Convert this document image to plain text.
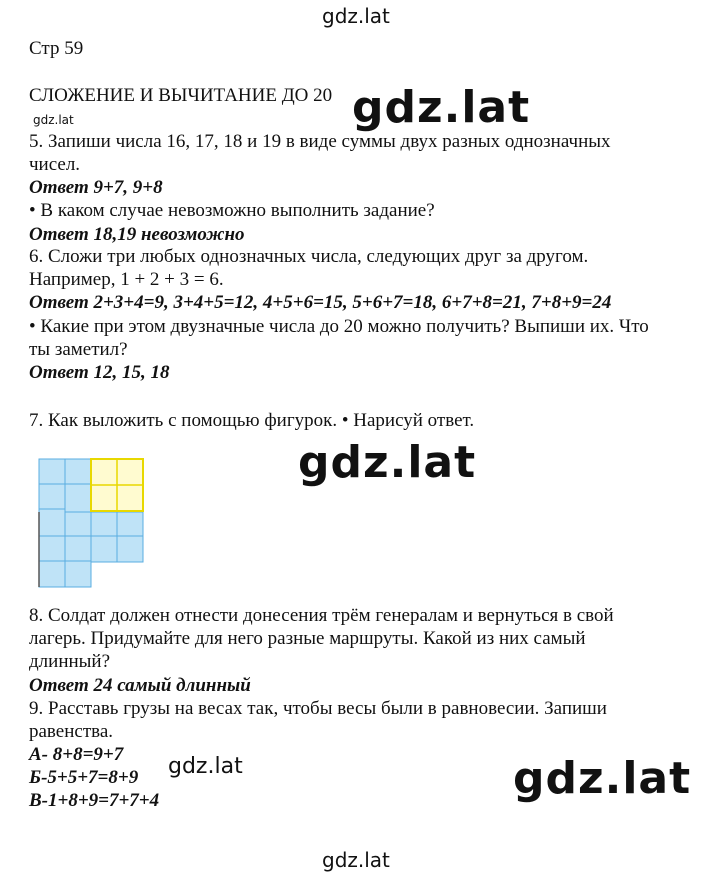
gdz.lat
gdz.lat	gdz.lat
gdz.lat
gdz.lat	gdz.lat
gdz.lat
Стр 59
СЛОЖЕНИЕ И ВЫЧИТАНИЕ ДО 20
5. Запиши числа 16, 17, 18 и 19 в виде суммы двух разных однозначных
чисел.
Ответ 9+7, 9+8
• В каком случае невозможно выполнить задание?
Ответ 18,19 невозможно
6. Сложи три любых однозначных числа, следующих друг за другом.
Например, 1 + 2 + 3 = 6.
Ответ 2+3+4=9, 3+4+5=12, 4+5+6=15, 5+6+7=18, 6+7+8=21, 7+8+9=24
• Какие при этом двузначные числа до 20 можно получить? Выпиши их. Что
ты заметил?
Ответ 12, 15, 18
7. Как выложить с помощью фигурок. • Нарисуй ответ.
8. Солдат должен отнести донесения трём генералам и вернуться в свой
лагерь. Придумайте для него разные маршруты. Какой из них самый
длинный?
Ответ 24 самый длинный
9. Расставь грузы на весах так, чтобы весы были в равновесии. Запиши
равенства.
А- 8+8=9+7
Б-5+5+7=8+9
В-1+8+9=7+7+4
